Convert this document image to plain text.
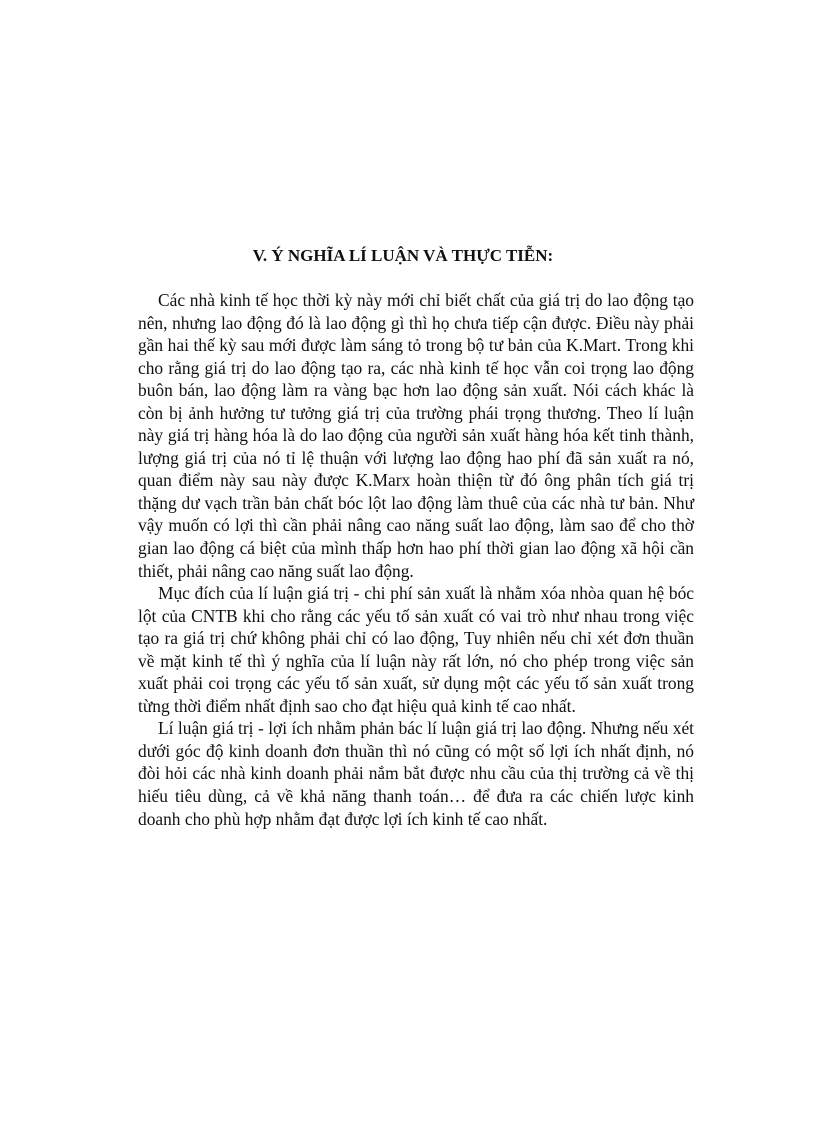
V. Ý NGHĨA LÍ LUẬN VÀ THỰC TIỄN:

Các nhà kinh tế học thời kỳ này mới chỉ biết chất của giá trị do lao động tạo nên, nhưng lao động đó là lao động gì thì họ chưa tiếp cận được. Điều này phải gần hai thế kỳ sau mới được làm sáng tỏ trong bộ tư bản của K.Mart. Trong khi cho rằng giá trị do lao động tạo ra, các nhà kinh tế học vẫn coi trọng lao động buôn bán, lao động làm ra vàng bạc hơn lao động sản xuất. Nói cách khác là còn bị ảnh hưởng tư tưởng giá trị của trường phái trọng thương. Theo lí luận này giá trị hàng hóa là do lao động của người sản xuất hàng hóa kết tinh thành, lượng giá trị của nó tỉ lệ thuận với lượng lao động hao phí đã sản xuất ra nó, quan điểm này sau này được K.Marx hoàn thiện từ đó ông phân tích giá trị thặng dư vạch trần bản chất bóc lột lao động làm thuê của các nhà tư bản. Như vậy muốn có lợi thì cần phải nâng cao năng suất lao động, làm sao để cho thờ gian lao động cá biệt của mình thấp hơn hao phí thời gian lao động xã hội cần thiết, phải nâng cao năng suất lao động.

Mục đích của lí luận giá trị - chi phí sản xuất là nhằm xóa nhòa quan hệ bóc lột của CNTB khi cho rằng các yếu tố sản xuất có vai trò như nhau trong việc tạo ra giá trị chứ không phải chỉ có lao động, Tuy nhiên nếu chỉ xét đơn thuần về mặt kinh tế thì ý nghĩa của lí luận này rất lớn, nó cho phép trong việc sản xuất phải coi trọng các yếu tố sản xuất, sử dụng một các yếu tố sản xuất trong từng thời điểm nhất định sao cho đạt hiệu quả kinh tế cao nhất.

Lí luận giá trị - lợi ích nhằm phản bác lí luận giá trị lao động. Nhưng nếu xét dưới góc độ kinh doanh đơn thuần thì nó cũng có một số lợi ích nhất định, nó đòi hỏi các nhà kinh doanh phải nắm bắt được nhu cầu của thị trường cả về thị hiếu tiêu dùng, cả về khả năng thanh toán… để đưa ra các chiến lược kinh doanh cho phù hợp nhằm đạt được lợi ích kinh tế cao nhất.
